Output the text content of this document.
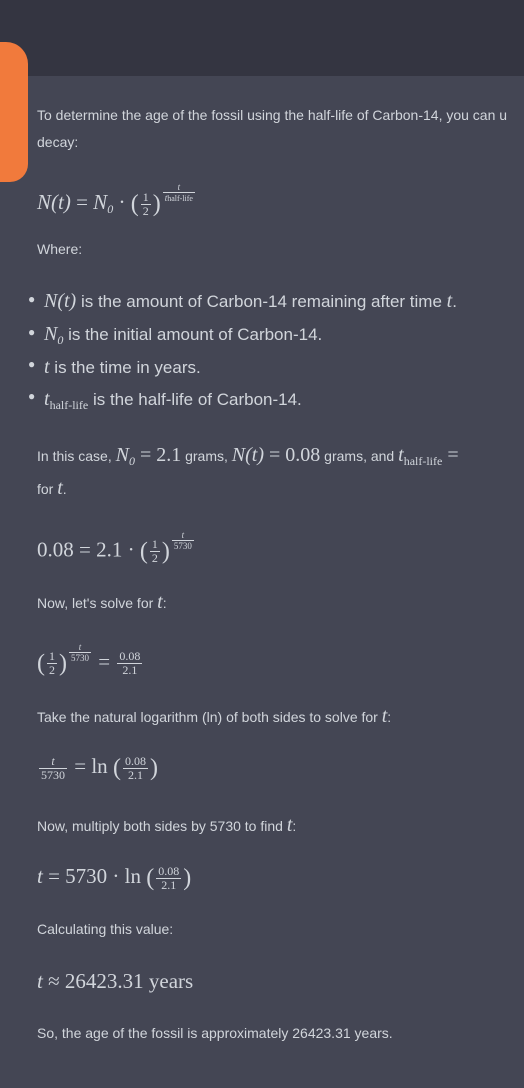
To determine the age of the fossil using the half-life of Carbon-14, you can u
decay:
$N(t) = N_0$ · ( $\frac{1}{2}$ ) $\frac{t}{\text{thalf-life}}$
Where:
● N(t) is the amount of Carbon-14 remaining after time t.
● $N_0$ is the initial amount of Carbon-14.
● t is the time in years.
● $t_{half-life}$ is the half-life of Carbon-14.
In this case, N0 = 2.1 grams, N(t) = 0.08 grams, and thalf-life =
for t.
0.08 = 2.1 · ( $\frac{1}{2}$ ) $\frac{t}{5730}$
Now, let's solve for t:
( $\frac{1}{2}$ ) $\frac{t}{5730} = \frac{0.08}{2.1}$
Take the natural logarithm (ln) of both sides to solve for t:
$\frac{t}{5730} = \ln$ ( $\frac{0.08}{2.1}$ )
Now, multiply both sides by 5730 to find t:
t = 5730 · ln ( $\frac{0.08}{2.1}$ )
Calculating this value:
t ≈ 26423.31 years
So, the age of the fossil is approximately 26423.31 years.
